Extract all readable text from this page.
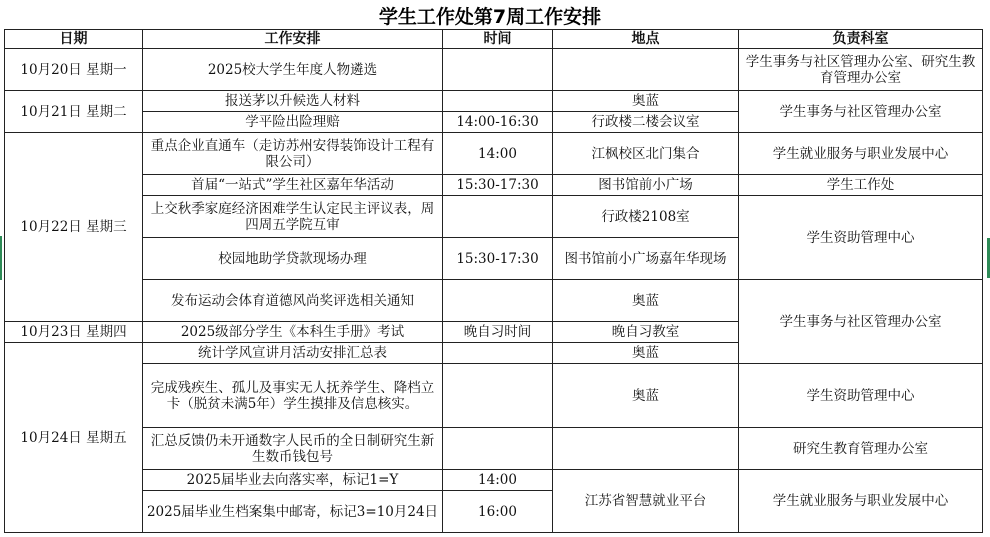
学生工作处第7周工作安排
日期	工作安排	时间	地点	负责科室
10月20日 星期一	2025校大学生年度人物遴选			学生事务与社区管理办公室、研究生教育管理办公室
10月21日 星期二	报送茅以升候选人材料		奥蓝	学生事务与社区管理办公室
	学平险出险理赔	14:00-16:30	行政楼二楼会议室	
10月22日 星期三	重点企业直通车（走访苏州安得装饰设计工程有限公司）	14:00	江枫校区北门集合	学生就业服务与职业发展中心
	首届“一站式”学生社区嘉年华活动	15:30-17:30	图书馆前小广场	学生工作处
	上交秋季家庭经济困难学生认定民主评议表，周四周五学院互审		行政楼2108室	学生资助管理中心
	校园地助学贷款现场办理	15:30-17:30	图书馆前小广场嘉年华现场	
	发布运动会体育道德风尚奖评选相关通知		奥蓝	学生事务与社区管理办公室
10月23日 星期四	2025级部分学生《本科生手册》考试	晚自习时间	晚自习教室	
10月24日 星期五	统计学风宣讲月活动安排汇总表		奥蓝	
	完成残疾生、孤儿及事实无人抚养学生、降档立卡（脱贫未满5年）学生摸排及信息核实。		奥蓝	学生资助管理中心
	汇总反馈仍未开通数字人民币的全日制研究生新生数币钱包号			研究生教育管理办公室
	2025届毕业去向落实率，标记1=Y	14:00	江苏省智慧就业平台	学生就业服务与职业发展中心
	2025届毕业生档案集中邮寄，标记3=10月24日	16:00		
